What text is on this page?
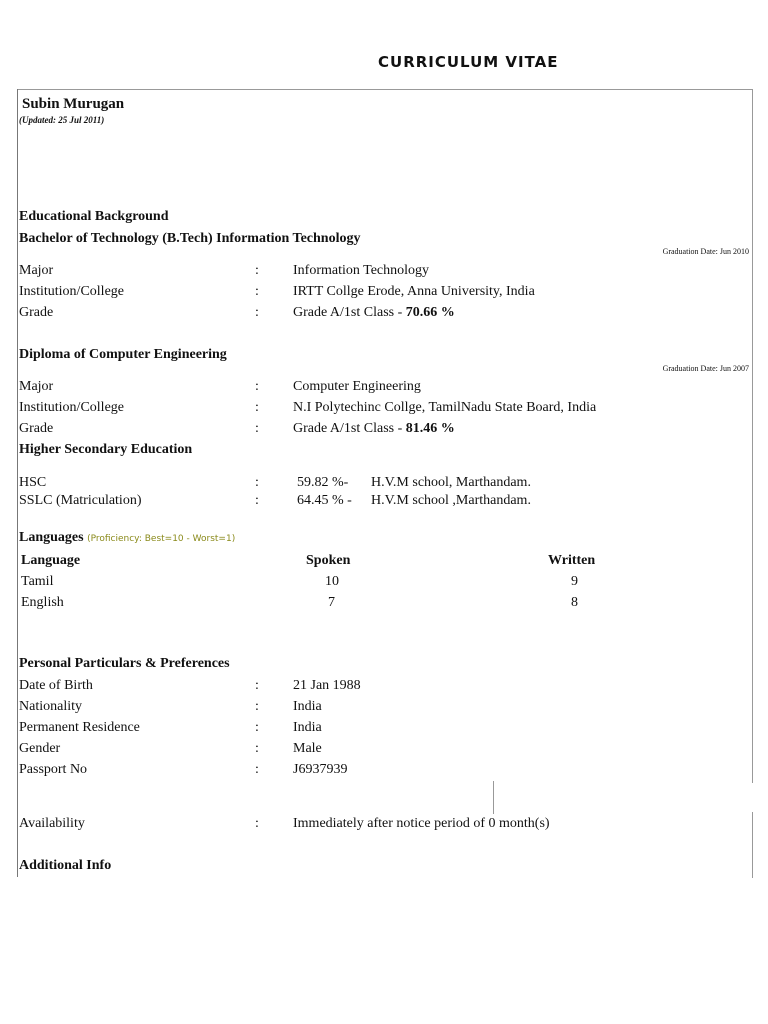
CURRICULUM VITAE
Subin Murugan
(Updated: 25 Jul 2011)
Educational Background
Bachelor of Technology (B.Tech) Information Technology
Graduation Date: Jun 2010
Major	: Information Technology
Institution/College	: IRTT Collge Erode, Anna University, India
Grade	: Grade A/1st Class - 70.66 %
Diploma of Computer Engineering
Graduation Date: Jun 2007
Major	: Computer Engineering
Institution/College	: N.I Polytechinc Collge, TamilNadu State Board, India
Grade	: Grade A/1st Class - 81.46 %
Higher Secondary Education
HSC	:	59.82 %- H.V.M school, Marthandam.
SSLC (Matriculation)	:	64.45 % - H.V.M school ,Marthandam.
Languages (Proficiency: Best=10 - Worst=1)
Language	Spoken	Written
Tamil	10	9
English	7	8
Personal Particulars & Preferences
Date of Birth	: 21 Jan 1988
Nationality	: India
Permanent Residence	: India
Gender	: Male
Passport No	: J6937939
Availability	: Immediately after notice period of 0 month(s)
Additional Info
